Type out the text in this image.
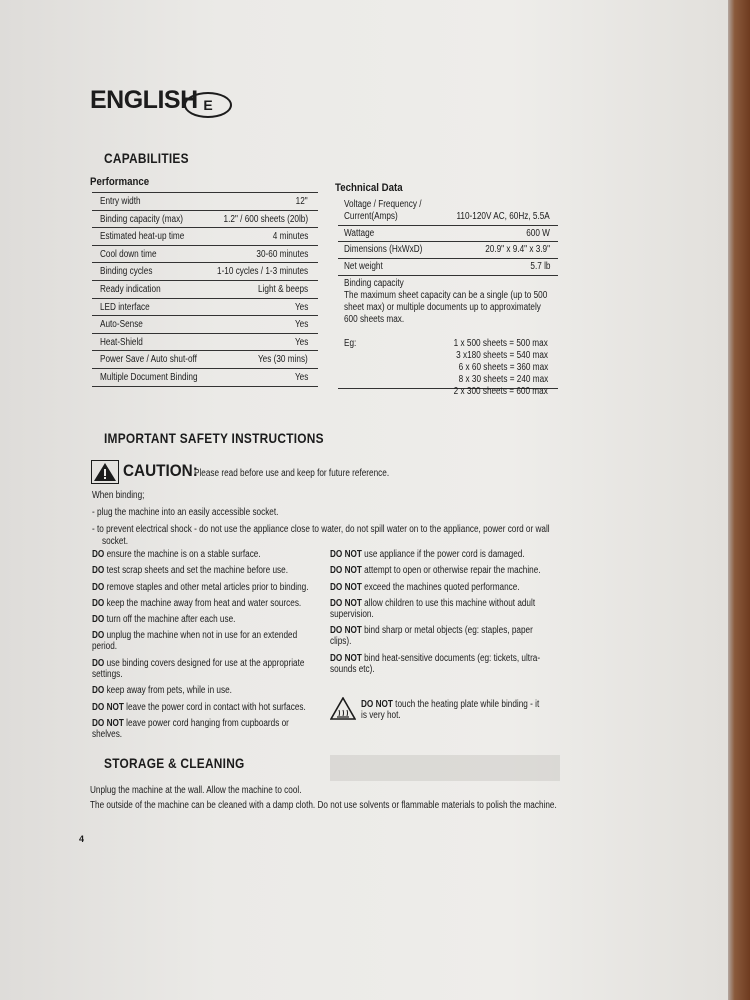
ENGLISH E
CAPABILITIES
Performance
Entry width	12"
Binding capacity (max)	1.2" / 600 sheets (20lb)
Estimated heat-up time	4 minutes
Cool down time	30-60 minutes
Binding cycles	1-10 cycles / 1-3 minutes
Ready indication	Light & beeps
LED interface	Yes
Auto-Sense	Yes
Heat-Shield	Yes
Power Save / Auto shut-off	Yes (30 mins)
Multiple Document Binding	Yes
Technical Data
Voltage / Frequency /
Current(Amps)	110-120V AC, 60Hz, 5.5A
Wattage	600 W
Dimensions (HxWxD)	20.9" x 9.4" x 3.9"
Net weight	5.7 lb
Binding capacity
The maximum sheet capacity can be a single (up to 500
sheet max) or multiple documents up to approximately
600 sheets max.
Eg:	1 x 500 sheets = 500 max
3 x180 sheets = 540 max
6 x 60 sheets = 360 max
8 x 30 sheets = 240 max
2 x 300 sheets = 600 max
IMPORTANT SAFETY INSTRUCTIONS
CAUTION:
Please read before use and keep for future reference.
When binding;
- plug the machine into an easily accessible socket.
- to prevent electrical shock - do not use the appliance close to water, do not spill water on to the appliance, power cord or wall
socket.
DO ensure the machine is on a stable surface.
DO test scrap sheets and set the machine before use.
DO remove staples and other metal articles prior to binding.
DO keep the machine away from heat and water sources.
DO turn off the machine after each use.
DO unplug the machine when not in use for an extended
period.
DO use binding covers designed for use at the appropriate
settings.
DO keep away from pets, while in use.
DO NOT leave the power cord in contact with hot surfaces.
DO NOT leave power cord hanging from cupboards or
shelves.
DO NOT use appliance if the power cord is damaged.
DO NOT attempt to open or otherwise repair the machine.
DO NOT exceed the machines quoted performance.
DO NOT allow children to use this machine without adult
supervision.
DO NOT bind sharp or metal objects (eg: staples, paper
clips).
DO NOT bind heat-sensitive documents (eg: tickets, ultra-
sounds etc).
DO NOT touch the heating plate while binding - it
is very hot.
STORAGE & CLEANING
Unplug the machine at the wall. Allow the machine to cool.
The outside of the machine can be cleaned with a damp cloth. Do not use solvents or flammable materials to polish the machine.
4
